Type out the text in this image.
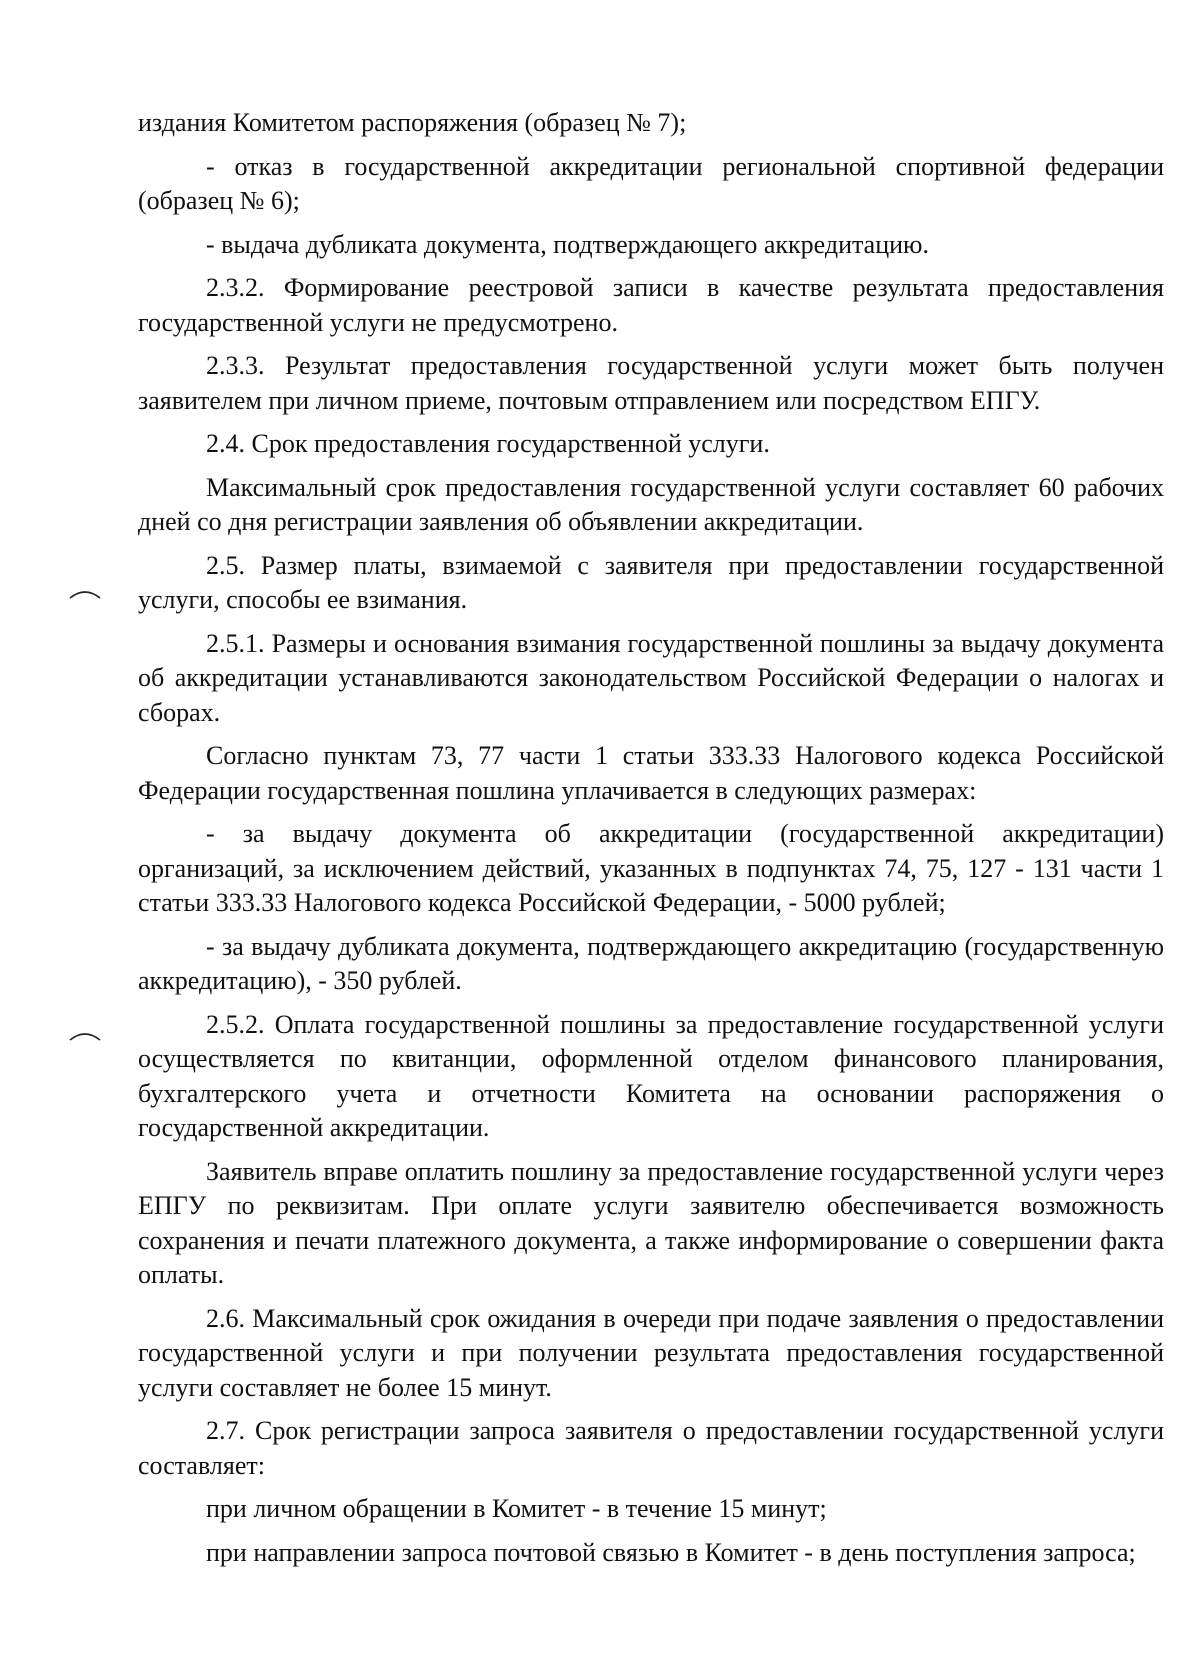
издания Комитетом распоряжения (образец № 7);

- отказ в государственной аккредитации региональной спортивной федерации (образец № 6);

- выдача дубликата документа, подтверждающего аккредитацию.

2.3.2. Формирование реестровой записи в качестве результата предоставления государственной услуги не предусмотрено.

2.3.3. Результат предоставления государственной услуги может быть получен заявителем при личном приеме, почтовым отправлением или посредством ЕПГУ.

2.4. Срок предоставления государственной услуги.

Максимальный срок предоставления государственной услуги составляет 60 рабочих дней со дня регистрации заявления об объявлении аккредитации.

2.5. Размер платы, взимаемой с заявителя при предоставлении государственной услуги, способы ее взимания.

2.5.1. Размеры и основания взимания государственной пошлины за выдачу документа об аккредитации устанавливаются законодательством Российской Федерации о налогах и сборах.

Согласно пунктам 73, 77 части 1 статьи 333.33 Налогового кодекса Российской Федерации государственная пошлина уплачивается в следующих размерах:

- за выдачу документа об аккредитации (государственной аккредитации) организаций, за исключением действий, указанных в подпунктах 74, 75, 127 - 131 части 1 статьи 333.33 Налогового кодекса Российской Федерации, - 5000 рублей;

- за выдачу дубликата документа, подтверждающего аккредитацию (государственную аккредитацию), - 350 рублей.

2.5.2. Оплата государственной пошлины за предоставление государственной услуги осуществляется по квитанции, оформленной отделом финансового планирования, бухгалтерского учета и отчетности Комитета на основании распоряжения о государственной аккредитации.

Заявитель вправе оплатить пошлину за предоставление государственной услуги через ЕПГУ по реквизитам. При оплате услуги заявителю обеспечивается возможность сохранения и печати платежного документа, а также информирование о совершении факта оплаты.

2.6. Максимальный срок ожидания в очереди при подаче заявления о предоставлении государственной услуги и при получении результата предоставления государственной услуги составляет не более 15 минут.

2.7. Срок регистрации запроса заявителя о предоставлении государственной услуги составляет:

при личном обращении в Комитет - в течение 15 минут;

при направлении запроса почтовой связью в Комитет - в день поступления запроса;
